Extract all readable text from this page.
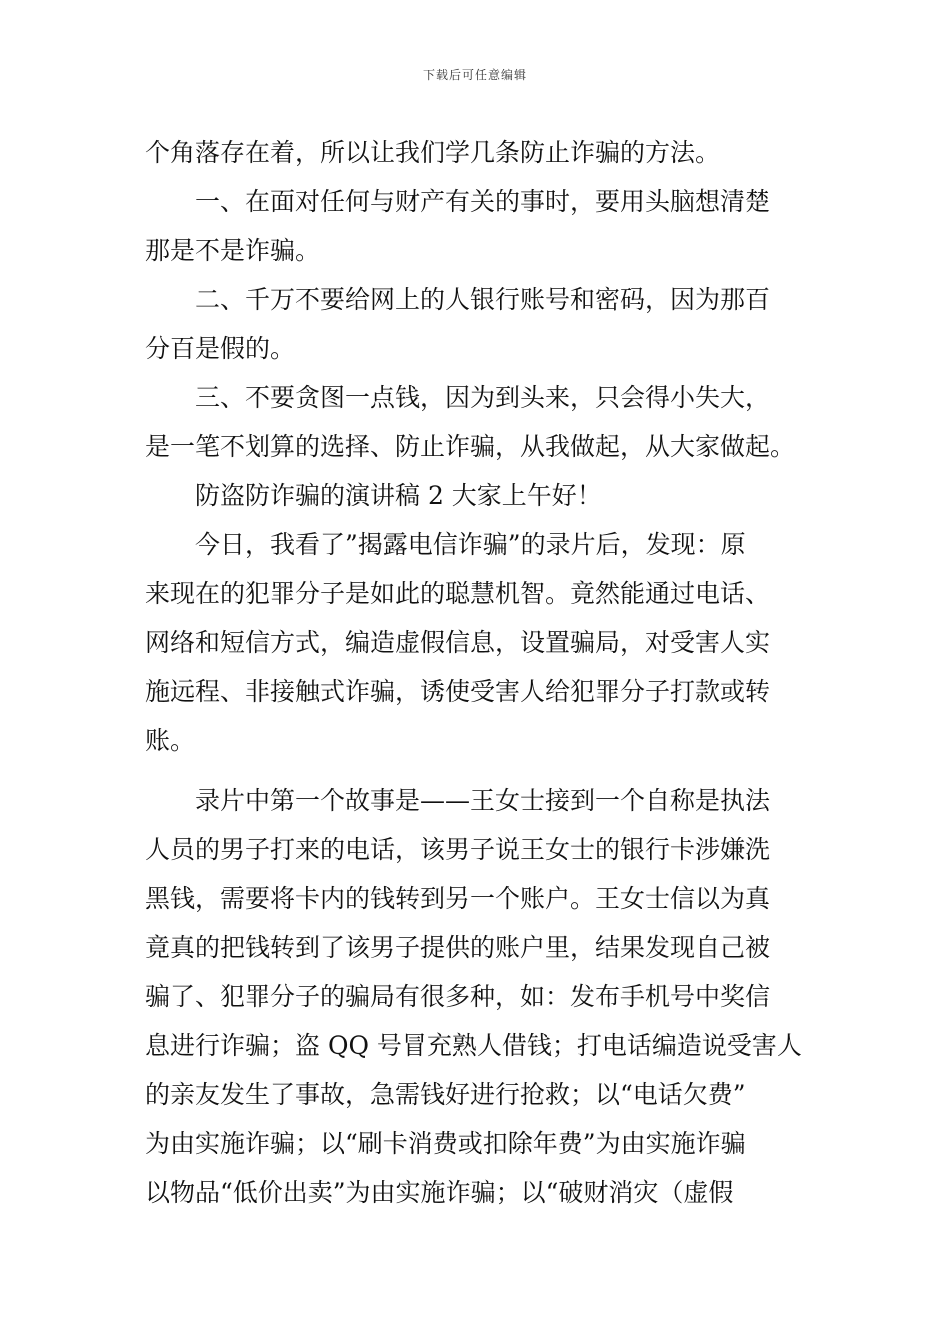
下载后可任意编辑
个角落存在着，所以让我们学几条防止诈骗的方法。
一、在面对任何与财产有关的事时，要用头脑想清楚
那是不是诈骗。
二、千万不要给网上的人银行账号和密码，因为那百
分百是假的。
三、不要贪图一点钱，因为到头来，只会得小失大，
是一笔不划算的选择、防止诈骗，从我做起，从大家做起。
防盗防诈骗的演讲稿 2 大家上午好！
今日，我看了”揭露电信诈骗”的录片后，发现：原
来现在的犯罪分子是如此的聪慧机智。竟然能通过电话、
网络和短信方式，编造虚假信息，设置骗局，对受害人实
施远程、非接触式诈骗，诱使受害人给犯罪分子打款或转
账。
录片中第一个故事是——王女士接到一个自称是执法
人员的男子打来的电话，该男子说王女士的银行卡涉嫌洗
黑钱，需要将卡内的钱转到另一个账户。王女士信以为真
竟真的把钱转到了该男子提供的账户里，结果发现自己被
骗了、犯罪分子的骗局有很多种，如：发布手机号中奖信
息进行诈骗；盗 QQ 号冒充熟人借钱；打电话编造说受害人
的亲友发生了事故，急需钱好进行抢救；以“电话欠费”
为由实施诈骗；以“刷卡消费或扣除年费”为由实施诈骗
以物品“低价出卖”为由实施诈骗；以“破财消灾（虚假
